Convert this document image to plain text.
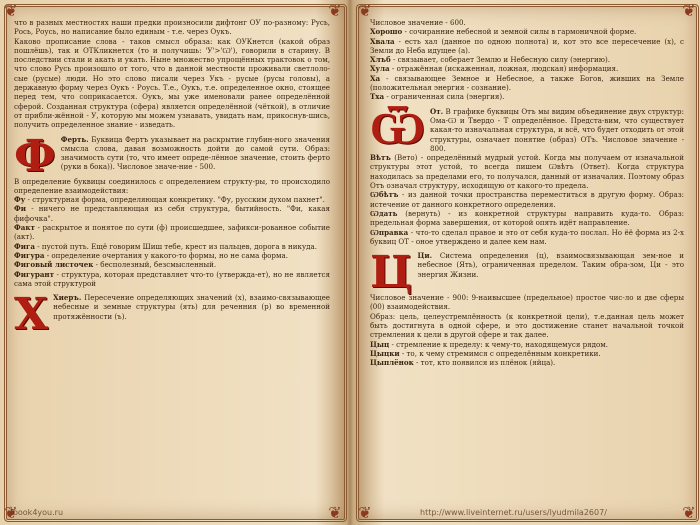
❦	❦
❦	❦
❦	❦
❦	❦

что в разных местностях наши предки произносили дифтонг ОУ по-разному: Русь, Рось, Роусь, но написание было единым - т.е. через Оукъ.

Каково прописание слова - таков смысл образа: как ОУКнется (какой образ пошлёшь), так и ОТКликнется (то и получишь: 'У'>'Ѡ'), говорили в старину. В последствии стали и акать и укать. Ныне множество упрощённых трактовок о том, что слово Русь произошло от того, что в данной местности проживали светлоло-сые (русые) люди. Но это слово писали через Укъ - русые (русы головы), а державную форму через Оукъ - Роусь. Т.е., Оукъ, т.е. определенное окно, стоящее перед тем, что соприкасается. Оукъ, мы уже именовали ранее определённой сферой. Созданная структура (сфера) является определённой (чёткой), в отличие от прибли-жённой - У, которую мы можем узнавать, увидать нам, прикоснув-шись, получить определенное знание - изведать.

Ф Ферть. Буквица Фертъ указывает на раскрытие глубин-ного значения смысла слова, давая возможность дойти до самой сути. Образ: значимость сути (то, что имеет опреде-лённое значение, стоить ферто (руки в бока)). Числовое значе-ние - 500.

В определение буквицы соединилось с определением структу-ры, то происходило определение взаимодействия:

Фу - структурная форма, определяющая конкретику. "Фу, русским духом пахнет".

Фи - ничего не представляющая из себя структура, бытийность. "Фи, какая фифочка".

Факт - раскрытое и понятое по сути (ф) происшедшее, зафикси-рованное событие (акт).

Фига - пустой путь. Ещё говорим Шиш тебе, крест из пальцев, дорога в никуда.

Фигура - определение очертания у какого-то формы, но не сама форма.

Фиговый листочек - бесполезный, безсмысленный.

Фигурант - структура, которая представляет что-то (утвержда-ет), но не является сама этой структурой

Х Хиеръ. Пересечение определяющих значений (х), взаимо-связывающее небесные и земные структуры (ять) для реченния (р) во временной протяжённости (ъ).

Числовое значение - 600.

Хорошо - сочиранние небесной и земной силы в гармоничной форме.

Хвала - есть хал (данное по одною полнота) и, кот это все пересечение (х), с Земли до Неба идущее (а).

Хлъб - связывает, соберает Землю и Небесную силу (энергию).

Хула - отражённая (искаженная, ложная, людская) информация.

Ха - связывающее Земное и Небесное, а также Богов, живших на Земле (положительная энергия - сознание).

Тха - ограниченная сила (энергия).

Ѿ От. В графике буквицы Отъ мы видим объединение двух структур: Ома-Ѡ и Твердо - Т определённое. Предста-вим, что существует какая-то изначальная структура, и всё, что будет отходить от этой структуры, означает понятие (образ) ОТъ. Числовое значение - 800.

Вѣтъ (Вето) - определённый мудрый устой. Когда мы получаем от изначальной структуры этот устой, то всегда пишем Ѡвѣтъ (Ответ). Когда структура находилась за пределами его, то получался, данный от изначалия. Поэтому образ Отъ означал структуру, исходящую от какого-то предела.

Ѡбѣтъ - из данной точки пространства переместиться в другую форму. Образ: истечение от данного конкретного определения.

Ѡдать (вернуть) - из конкретной структуры направить куда-то. Образ: предельная форма завершения, от которой опять идёт направление.

Ѡправка - что-то сделал правое и это от себя куда-то послал. Но ёё форма из 2-х буквиц ОТ - оное утверждено и далее кем нам.

Ц Ци. Система определения (ц), взаимосвязывающая зем-ное и небесное (Ять), ограниченная пределом. Таким обра-зом, Ци - это энергия Жизни.

Числовое значение - 900: 9-наивысшее (предельное) простое чис-ло и две сферы (00) взаимодействия.

Образ: цель, целеустремлённость (к конкретной цели), т.е.данная цель может быть достигнута в одной сфере, и это достижение станет начальной точкой стремления к цели в другой сфере и так далее.

Цыц - стремление к пределу: к чему-то, находящемуся рядом.

Цыцки - то, к чему стремимся с определённым конкретики.

Цыплёнок - тот, кто появился из плёнок (яйца).

fbook4you.ru	http://www.liveinternet.ru/users/lyudmila2607/
